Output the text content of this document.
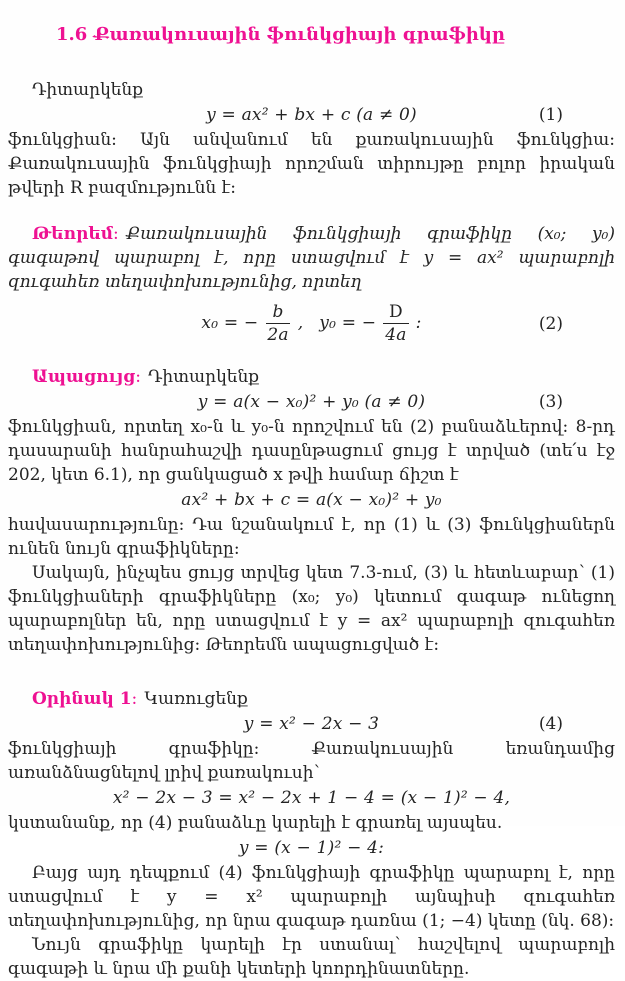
1.6 Քառակուսային ֆունկցիայի գրաֆիկը

Դիտարկենք

y = ax² + bx + c (a ≠ 0)	(1)

ֆունկցիան։ Այն անվանում են քառակուսային ֆունկցիա։ Քառակուսային ֆունկցիայի որոշման տիրույթը բոլոր իրական թվերի R բազմությունն է։

Թեորեմ։ Քառակուսային ֆունկցիայի գրաֆիկը (x₀; y₀) գագաթով պարաբոլ է, որը ստացվում է y = ax² պարաբոլի զուգահեռ տեղափոխությունից, որտեղ

x₀ = − $\frac{b}{2a}$ , y₀ = − $\frac{D}{4a}$ ։	(2)

Ապացույց։ Դիտարկենք

y = a(x − x₀)² + y₀ (a ≠ 0)	(3)

ֆունկցիան, որտեղ x₀-ն և y₀-ն որոշվում են (2) բանաձևերով։ 8-րդ դասարանի հանրահաշվի դասընթացում ցույց է տրված (տե՛ս էջ 202, կետ 6.1), որ ցանկացած x թվի համար ճիշտ է

ax² + bx + c = a(x − x₀)² + y₀

հավասարությունը։ Դա նշանակում է, որ (1) և (3) ֆունկցիաներն ունեն նույն գրաֆիկները։

Սակայն, ինչպես ցույց տրվեց կետ 7.3-ում, (3) և հետևաբար՝ (1) ֆունկցիաների գրաֆիկները (x₀; y₀) կետում գագաթ ունեցող պարաբոլներ են, որը ստացվում է y = ax² պարաբոլի զուգահեռ տեղափոխությունից։ Թեորեմն ապացուցված է։

Օրինակ 1։ Կառուցենք

y = x² − 2x − 3	(4)

ֆունկցիայի գրաֆիկը։ Քառակուսային եռանդամից առանձնացնելով լրիվ քառակուսի՝

x² − 2x − 3 = x² − 2x + 1 − 4 = (x − 1)² − 4,

կստանանք, որ (4) բանաձևը կարելի է գրառել այսպես.

y = (x − 1)² − 4։

Բայց այդ դեպքում (4) ֆունկցիայի գրաֆիկը պարաբոլ է, որը ստացվում է y = x² պարաբոլի այնպիսի զուգահեռ տեղափոխությունից, որ նրա գագաթ դառնա (1; −4) կետը (նկ. 68)։

Նույն գրաֆիկը կարելի էր ստանալ՝ հաշվելով պարաբոլի գագաթի և նրա մի քանի կետերի կոորդինատները.
